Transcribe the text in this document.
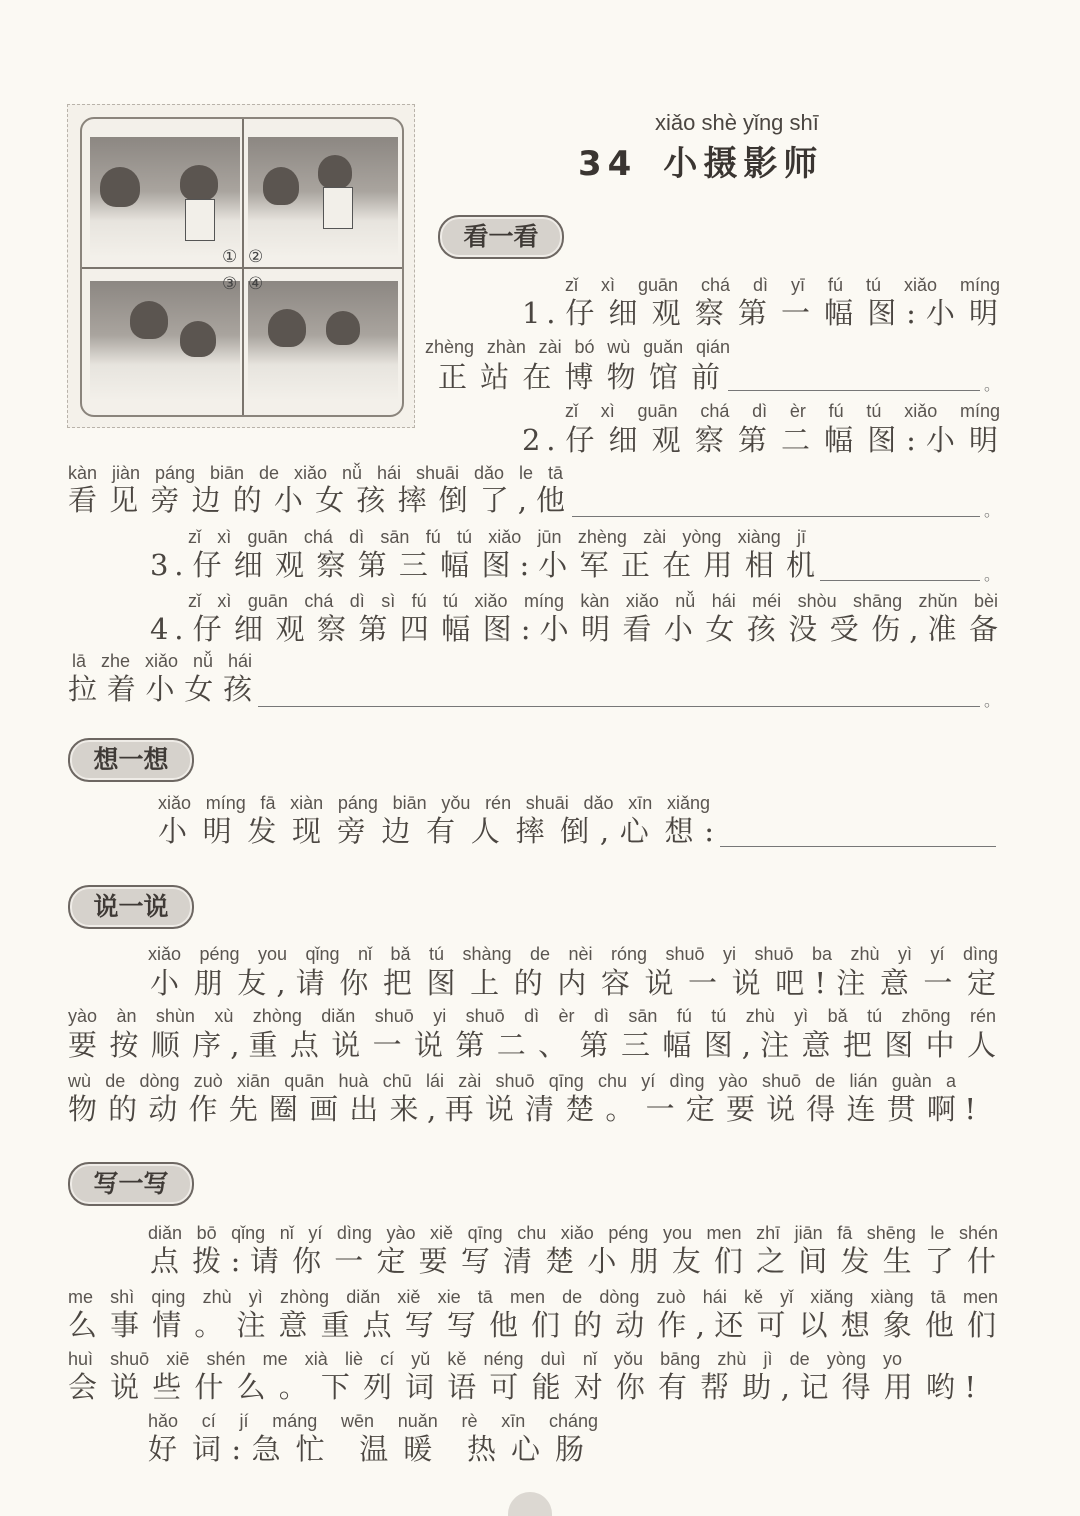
① ②
③ ④
xiǎo shè yǐng shī
34 小摄影师
看一看
想一想
说一说
写一写
zǐ xì guān chá dì yī fú tú xiǎo míng
1 . 仔 细 观 察 第 一 幅 图 : 小 明
zhèng zhàn zài bó wù guǎn qián
正 站 在 博 物 馆 前	。
zǐ xì guān chá dì èr fú tú xiǎo míng
2 . 仔 细 观 察 第 二 幅 图 : 小 明
kàn jiàn páng biān de xiǎo nǚ hái shuāi dǎo le tā
看 见 旁 边 的 小 女 孩 摔 倒 了 , 他	。
zǐ xì guān chá dì sān fú tú xiǎo jūn zhèng zài yòng xiàng jī
3 . 仔 细 观 察 第 三 幅 图 : 小 军 正 在 用 相 机	。
zǐ xì guān chá dì sì fú tú xiǎo míng kàn xiǎo nǚ hái méi shòu shāng zhǔn bèi
4 . 仔 细 观 察 第 四 幅 图 : 小 明 看 小 女 孩 没 受 伤 , 准 备
lā zhe xiǎo nǚ hái
拉 着 小 女 孩	。
xiǎo míng fā xiàn páng biān yǒu rén shuāi dǎo xīn xiǎng
小 明 发 现 旁 边 有 人 摔 倒 , 心 想 :
xiǎo péng you qǐng nǐ bǎ tú shàng de nèi róng shuō yi shuō ba zhù yì yí dìng
小 朋 友 , 请 你 把 图 上 的 内 容 说 一 说 吧 ! 注 意 一 定
yào àn shùn xù zhòng diǎn shuō yi shuō dì èr dì sān fú tú zhù yì bǎ tú zhōng rén
要 按 顺 序 , 重 点 说 一 说 第 二 、 第 三 幅 图 , 注 意 把 图 中 人
wù de dòng zuò xiān quān huà chū lái zài shuō qīng chu yí dìng yào shuō de lián guàn a
物 的 动 作 先 圈 画 出 来 , 再 说 清 楚 。 一 定 要 说 得 连 贯 啊 !
diǎn bō qǐng nǐ yí dìng yào xiě qīng chu xiǎo péng you men zhī jiān fā shēng le shén
点 拨 : 请 你 一 定 要 写 清 楚 小 朋 友 们 之 间 发 生 了 什
me shì qing zhù yì zhòng diǎn xiě xie tā men de dòng zuò hái kě yǐ xiǎng xiàng tā men
么 事 情 。 注 意 重 点 写 写 他 们 的 动 作 , 还 可 以 想 象 他 们
huì shuō xiē shén me xià liè cí yǔ kě néng duì nǐ yǒu bāng zhù jì de yòng yo
会 说 些 什 么 。 下 列 词 语 可 能 对 你 有 帮 助 , 记 得 用 哟 !
hǎo cí jí máng wēn nuǎn rè xīn cháng
好 词 : 急 忙   温 暖   热 心 肠
